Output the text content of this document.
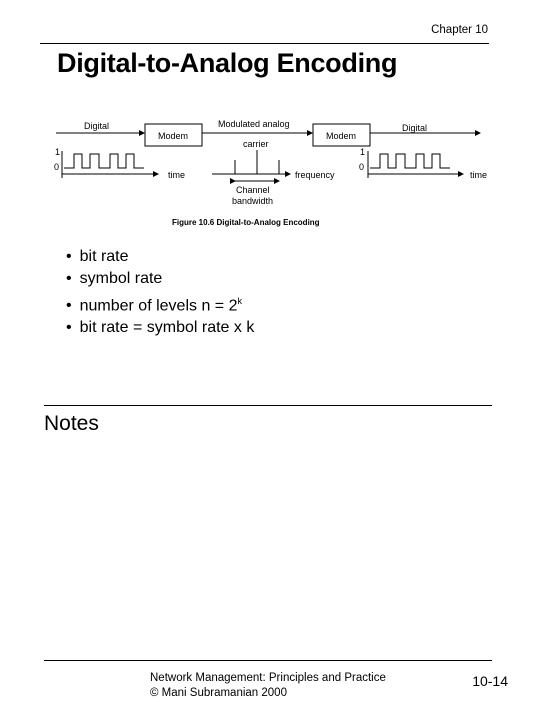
Chapter 10
Digital-to-Analog Encoding
Digital
Modem
Modulated analog
Modem
Digital
1
0
time
carrier
frequency
Channel
bandwidth
1
0
time
Figure 10.6 Digital-to-Analog Encoding
• bit rate
• symbol rate
• number of levels $n = 2^k$
• bit rate = symbol rate x k
Notes
Network Management: Principles and Practice
© Mani Subramanian 2000
10-14
